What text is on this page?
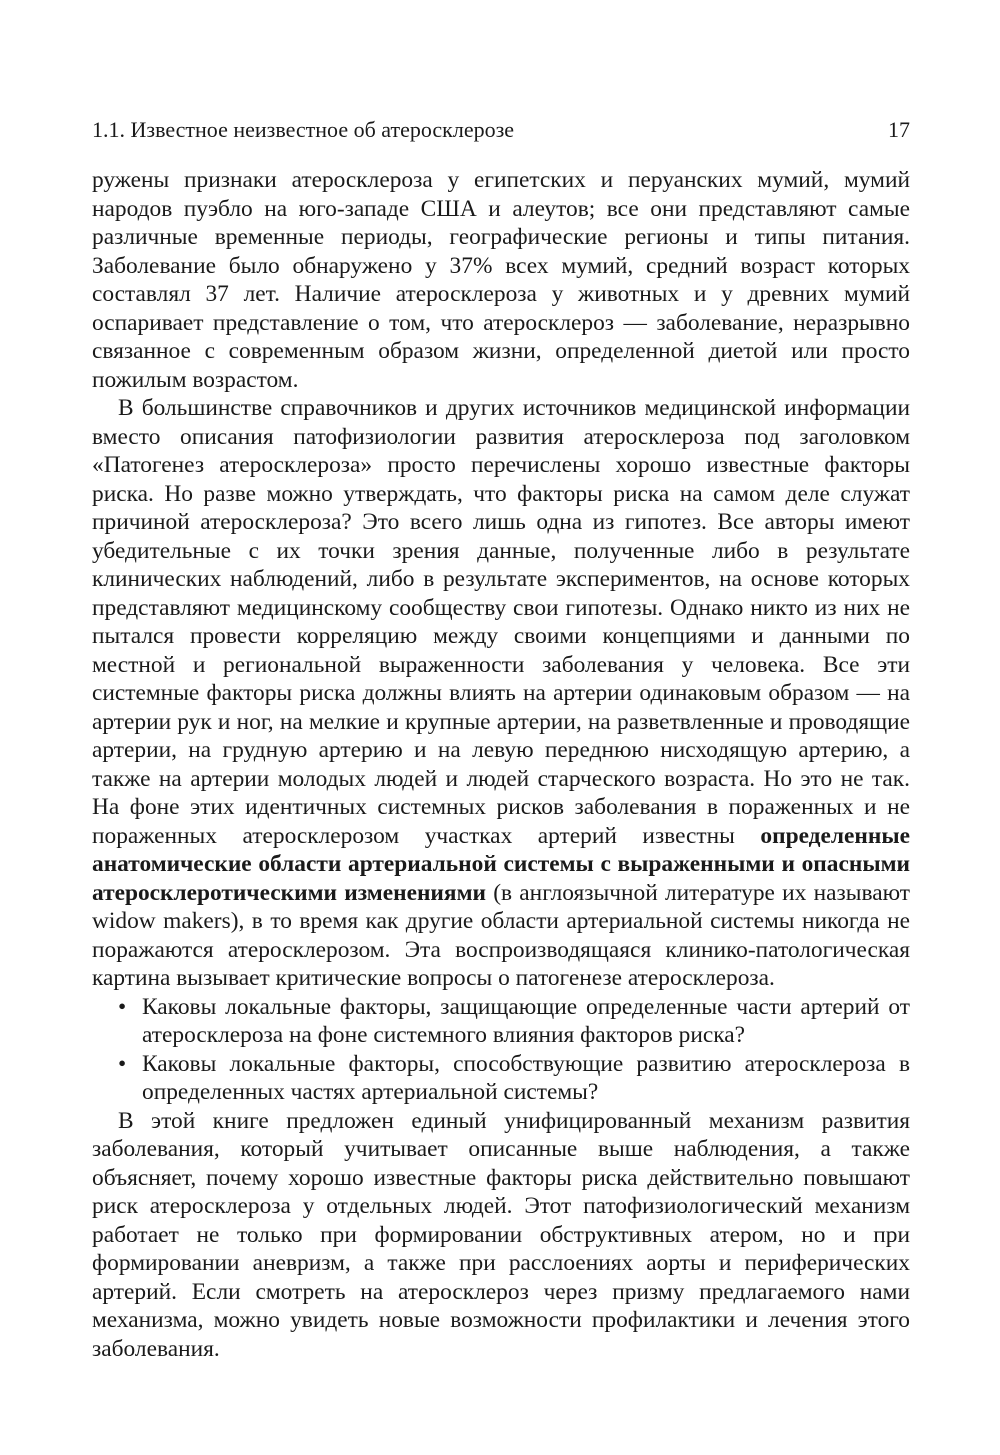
1.1. Известное неизвестное об атеросклерозе	17

ружены признаки атеросклероза у египетских и перуанских мумий, мумий народов пуэбло на юго-западе США и алеутов; все они представляют самые различные временные периоды, географические регионы и типы питания. Заболевание было обнаружено у 37% всех мумий, средний возраст которых составлял 37 лет. Наличие атеросклероза у животных и у древних мумий оспаривает представление о том, что атеросклероз — заболевание, неразрывно связанное с современным образом жизни, определенной диетой или просто пожилым возрастом.

В большинстве справочников и других источников медицинской информации вместо описания патофизиологии развития атеросклероза под заголовком «Патогенез атеросклероза» просто перечислены хорошо известные факторы риска. Но разве можно утверждать, что факторы риска на самом деле служат причиной атеросклероза? Это всего лишь одна из гипотез. Все авторы имеют убедительные с их точки зрения данные, полученные либо в результате клинических наблюдений, либо в результате экспериментов, на основе которых представляют медицинскому сообществу свои гипотезы. Однако никто из них не пытался провести корреляцию между своими концепциями и данными по местной и региональной выраженности заболевания у человека. Все эти системные факторы риска должны влиять на артерии одинаковым образом — на артерии рук и ног, на мелкие и крупные артерии, на разветвленные и проводящие артерии, на грудную артерию и на левую переднюю нисходящую артерию, а также на артерии молодых людей и людей старческого возраста. Но это не так. На фоне этих идентичных системных рисков заболевания в пораженных и не пораженных атеросклерозом участках артерий известны определенные анатомические области артериальной системы с выраженными и опасными атеросклеротическими изменениями (в англоязычной литературе их называют widow makers), в то время как другие области артериальной системы никогда не поражаются атеросклерозом. Эта воспроизводящаяся клинико-патологическая картина вызывает критические вопросы о патогенезе атеросклероза.

• Каковы локальные факторы, защищающие определенные части артерий от атеросклероза на фоне системного влияния факторов риска?
• Каковы локальные факторы, способствующие развитию атеросклероза в определенных частях артериальной системы?

В этой книге предложен единый унифицированный механизм развития заболевания, который учитывает описанные выше наблюдения, а также объясняет, почему хорошо известные факторы риска действительно повышают риск атеросклероза у отдельных людей. Этот патофизиологический механизм работает не только при формировании обструктивных атером, но и при формировании аневризм, а также при расслоениях аорты и периферических артерий. Если смотреть на атеросклероз через призму предлагаемого нами механизма, можно увидеть новые возможности профилактики и лечения этого заболевания.
